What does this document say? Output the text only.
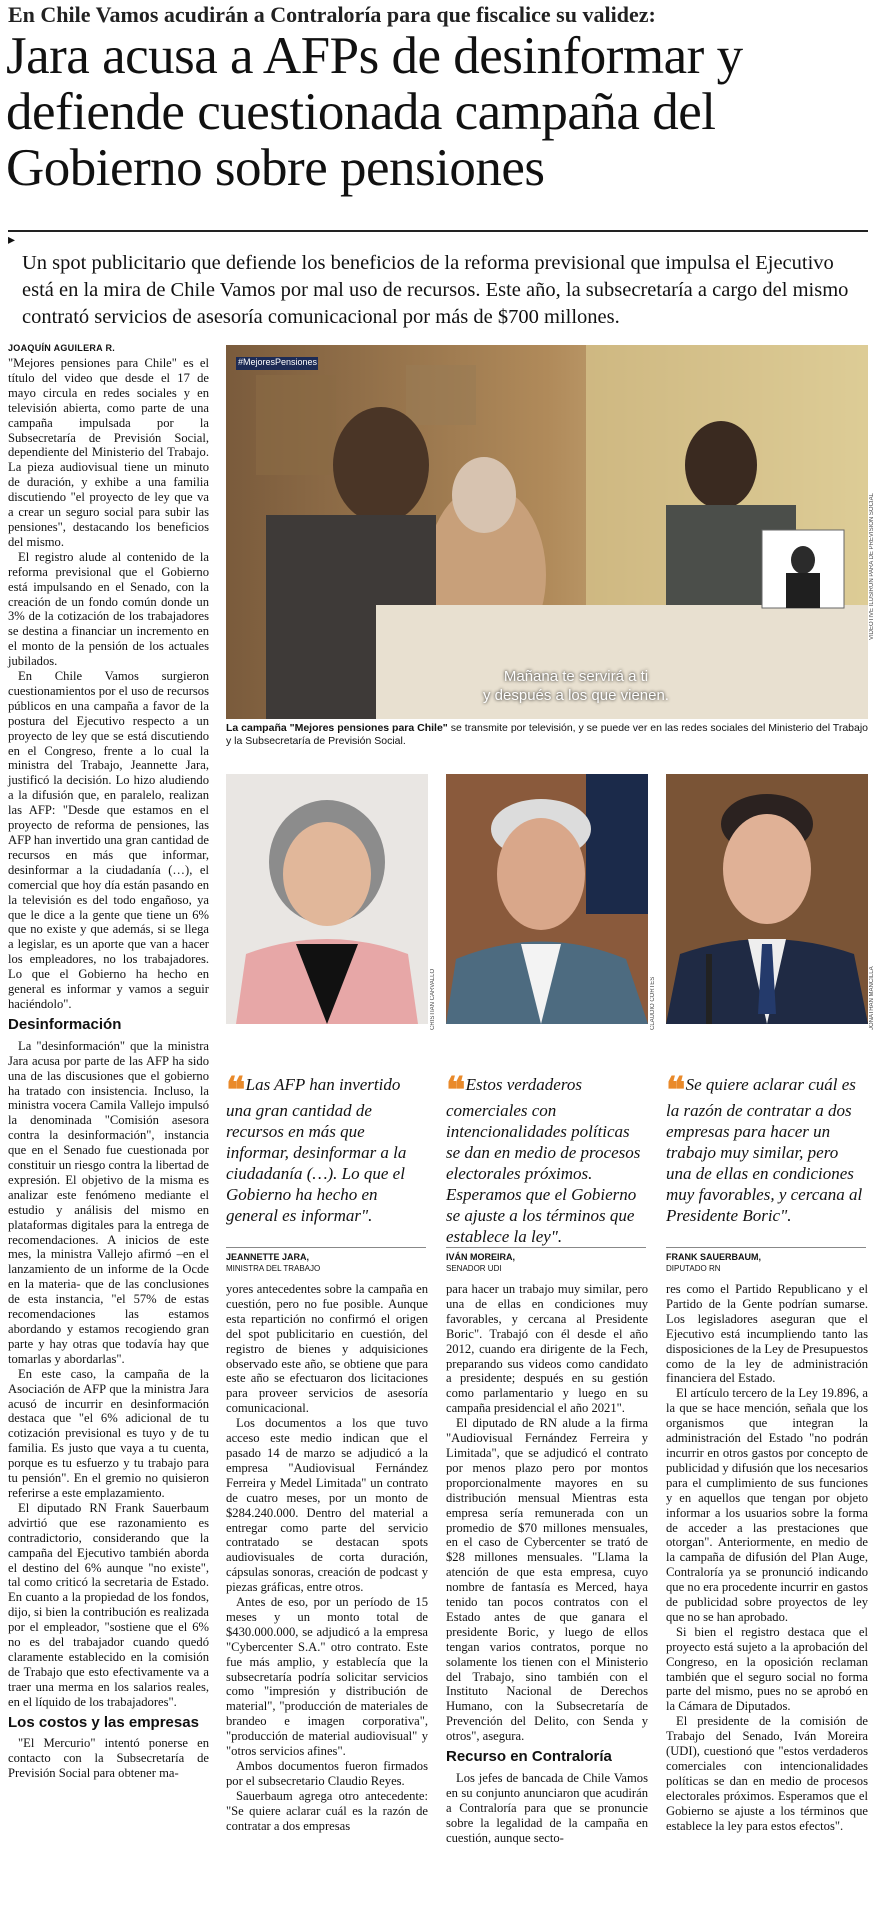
En Chile Vamos acudirán a Contraloría para que fiscalice su validez:
Jara acusa a AFPs de desinformar y defiende cuestionada campaña del Gobierno sobre pensiones
▸
Un spot publicitario que defiende los beneficios de la reforma previsional que impulsa el Ejecutivo está en la mira de Chile Vamos por mal uso de recursos. Este año, la subsecretaría a cargo del mismo contrató servicios de asesoría comunicacional por más de $700 millones.
JOAQUÍN AGUILERA R.

"Mejores pensiones para Chile" es el título del video que desde el 17 de mayo circula en redes sociales y en televisión abierta, como parte de una campaña impulsada por la Subsecretaría de Previsión Social, dependiente del Ministerio del Trabajo. La pieza audiovisual tiene un minuto de duración, y exhibe a una familia discutiendo "el proyecto de ley que va a crear un seguro social para subir las pensiones", destacando los beneficios del mismo.

El registro alude al contenido de la reforma previsional que el Gobierno está impulsando en el Senado, con la creación de un fondo común donde un 3% de la cotización de los trabajadores se destina a financiar un incremento en el monto de la pensión de los actuales jubilados.

En Chile Vamos surgieron cuestionamientos por el uso de recursos públicos en una campaña a favor de la postura del Ejecutivo respecto a un proyecto de ley que se está discutiendo en el Congreso, frente a lo cual la ministra del Trabajo, Jeannette Jara, justificó la decisión. Lo hizo aludiendo a la difusión que, en paralelo, realizan las AFP: "Desde que estamos en el proyecto de reforma de pensiones, las AFP han invertido una gran cantidad de recursos en más que informar, desinformar a la ciudadanía (…), el comercial que hoy día están pasando en la televisión es del todo engañoso, ya que le dice a la gente que tiene un 6% que no existe y que además, si se llega a legislar, es un aporte que van a hacer los empleadores, no los trabajadores. Lo que el Gobierno ha hecho en general es informar y vamos a seguir haciéndolo".

Desinformación

La "desinformación" que la ministra Jara acusa por parte de las AFP ha sido una de las discusiones que el gobierno ha tratado con insistencia. Incluso, la ministra vocera Camila Vallejo impulsó la denominada "Comisión asesora contra la desinformación", instancia que en el Senado fue cuestionada por constituir un riesgo contra la libertad de expresión. El objetivo de la misma es analizar este fenómeno mediante el estudio y análisis del mismo en plataformas digitales para la entrega de recomendaciones. A inicios de este mes, la ministra Vallejo afirmó –en el lanzamiento de un informe de la Ocde en la materia- que de las conclusiones de esta instancia, "el 57% de estas recomendaciones las estamos abordando y estamos recogiendo gran parte y hay otras que todavía hay que tomarlas y abordarlas".

En este caso, la campaña de la Asociación de AFP que la ministra Jara acusó de incurrir en desinformación destaca que "el 6% adicional de tu cotización previsional es tuyo y de tu familia. Es justo que vaya a tu cuenta, porque es tu esfuerzo y tu trabajo para tu pensión". En el gremio no quisieron referirse a este emplazamiento.

El diputado RN Frank Sauerbaum advirtió que ese razonamiento es contradictorio, considerando que la campaña del Ejecutivo también aborda el destino del 6% aunque "no existe", tal como criticó la secretaria de Estado. En cuanto a la propiedad de los fondos, dijo, si bien la contribución es realizada por el empleador, "sostiene que el 6% no es del trabajador cuando quedó claramente establecido en la comisión de Trabajo que esto efectivamente va a traer una merma en los salarios reales, en el líquido de los trabajadores".

Los costos y las empresas

"El Mercurio" intentó ponerse en contacto con la Subsecretaría de Previsión Social para obtener ma-

#MejoresPensiones
Mañana te servirá a ti
y después a los que vienen.
VIDEOTIVE ILUSIRUN PARA DE PREVISION SOCIAL
La campaña "Mejores pensiones para Chile" se transmite por televisión, y se puede ver en las redes sociales del Ministerio del Trabajo y la Subsecretaría de Previsión Social.
CRISTIAN CARVALLO	CLAUDIO CORTES	JONATHAN MANCILLA
❝ Las AFP han invertido una gran cantidad de recursos en más que informar, desinformar a la ciudadanía (…). Lo que el Gobierno ha hecho en general es informar".
JEANNETTE JARA,
MINISTRA DEL TRABAJO
❝ Estos verdaderos comerciales con intencionalidades políticas se dan en medio de procesos electorales próximos. Esperamos que el Gobierno se ajuste a los términos que establece la ley".
IVÁN MOREIRA,
SENADOR UDI
❝ Se quiere aclarar cuál es la razón de contratar a dos empresas para hacer un trabajo muy similar, pero una de ellas en condiciones muy favorables, y cercana al Presidente Boric".
FRANK SAUERBAUM,
DIPUTADO RN

yores antecedentes sobre la campaña en cuestión, pero no fue posible. Aunque esta repartición no confirmó el origen del spot publicitario en cuestión, del registro de bienes y adquisiciones observado este año, se obtiene que para este año se efectuaron dos licitaciones para proveer servicios de asesoría comunicacional.

Los documentos a los que tuvo acceso este medio indican que el pasado 14 de marzo se adjudicó a la empresa "Audiovisual Fernández Ferreira y Medel Limitada" un contrato de cuatro meses, por un monto de $284.240.000. Dentro del material a entregar como parte del servicio contratado se destacan spots audiovisuales de corta duración, cápsulas sonoras, creación de podcast y piezas gráficas, entre otros.

Antes de eso, por un período de 15 meses y un monto total de $430.000.000, se adjudicó a la empresa "Cybercenter S.A." otro contrato. Este fue más amplio, y establecía que la subsecretaría podría solicitar servicios como "impresión y distribución de material", "producción de materiales de brandeo e imagen corporativa", "producción de material audiovisual" y "otros servicios afines".

Ambos documentos fueron firmados por el subsecretario Claudio Reyes.

Sauerbaum agrega otro antecedente: "Se quiere aclarar cuál es la razón de contratar a dos empresas

para hacer un trabajo muy similar, pero una de ellas en condiciones muy favorables, y cercana al Presidente Boric". Trabajó con él desde el año 2012, cuando era dirigente de la Fech, preparando sus videos como candidato a presidente; después en su gestión como parlamentario y luego en su campaña presidencial el año 2021".

El diputado de RN alude a la firma "Audiovisual Fernández Ferreira y Limitada", que se adjudicó el contrato por menos plazo pero por montos proporcionalmente mayores en su distribución mensual Mientras esta empresa sería remunerada con un promedio de $70 millones mensuales, en el caso de Cybercenter se trató de $28 millones mensuales. "Llama la atención de que esta empresa, cuyo nombre de fantasía es Merced, haya tenido tan pocos contratos con el Estado antes de que ganara el presidente Boric, y luego de ellos tengan varios contratos, porque no solamente los tienen con el Ministerio del Trabajo, sino también con el Instituto Nacional de Derechos Humano, con la Subsecretaría de Prevención del Delito, con Senda y otros", asegura.

Recurso en Contraloría

Los jefes de bancada de Chile Vamos en su conjunto anunciaron que acudirán a Contraloría para que se pronuncie sobre la legalidad de la campaña en cuestión, aunque secto-

res como el Partido Republicano y el Partido de la Gente podrían sumarse. Los legisladores aseguran que el Ejecutivo está incumpliendo tanto las disposiciones de la Ley de Presupuestos como de la ley de administración financiera del Estado.

El artículo tercero de la Ley 19.896, a la que se hace mención, señala que los organismos que integran la administración del Estado "no podrán incurrir en otros gastos por concepto de publicidad y difusión que los necesarios para el cumplimiento de sus funciones y en aquellos que tengan por objeto informar a los usuarios sobre la forma de acceder a las prestaciones que otorgan". Anteriormente, en medio de la campaña de difusión del Plan Auge, Contraloría ya se pronunció indicando que no era procedente incurrir en gastos de publicidad sobre proyectos de ley que no se han aprobado.

Si bien el registro destaca que el proyecto está sujeto a la aprobación del Congreso, en la oposición reclaman también que el seguro social no forma parte del mismo, pues no se aprobó en la Cámara de Diputados.

El presidente de la comisión de Trabajo del Senado, Iván Moreira (UDI), cuestionó que "estos verdaderos comerciales con intencionalidades políticas se dan en medio de procesos electorales próximos. Esperamos que el Gobierno se ajuste a los términos que establece la ley para estos efectos".
